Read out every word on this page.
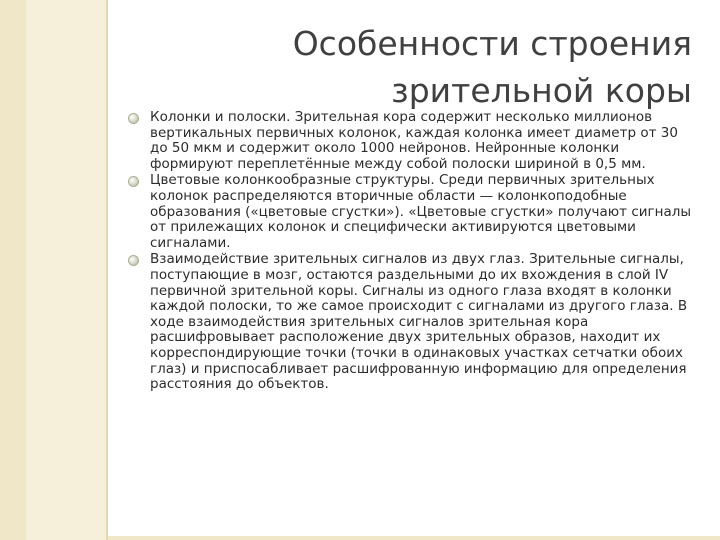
Особенности строения
зрительной коры
Колонки и полоски. Зрительная кора содержит несколько миллионов вертикальных первичных колонок, каждая колонка имеет диаметр от 30 до 50 мкм и содержит около 1000 нейронов. Нейронные колонки формируют переплетённые между собой полоски шириной в 0,5 мм.
Цветовые колонкообразные структуры. Среди первичных зрительных колонок распределяются вторичные области — колонкоподобные образования («цветовые сгустки»). «Цветовые сгустки» получают сигналы от прилежащих колонок и специфически активируются цветовыми сигналами.
Взаимодействие зрительных сигналов из двух глаз. Зрительные сигналы, поступающие в мозг, остаются раздельными до их вхождения в слой IV первичной зрительной коры. Сигналы из одного глаза входят в колонки каждой полоски, то же самое происходит с сигналами из другого глаза. В ходе взаимодействия зрительных сигналов зрительная кора расшифровывает расположение двух зрительных образов, находит их корреспондирующие точки (точки в одинаковых участках сетчатки обоих глаз) и приспосабливает расшифрованную информацию для определения расстояния до объектов.
